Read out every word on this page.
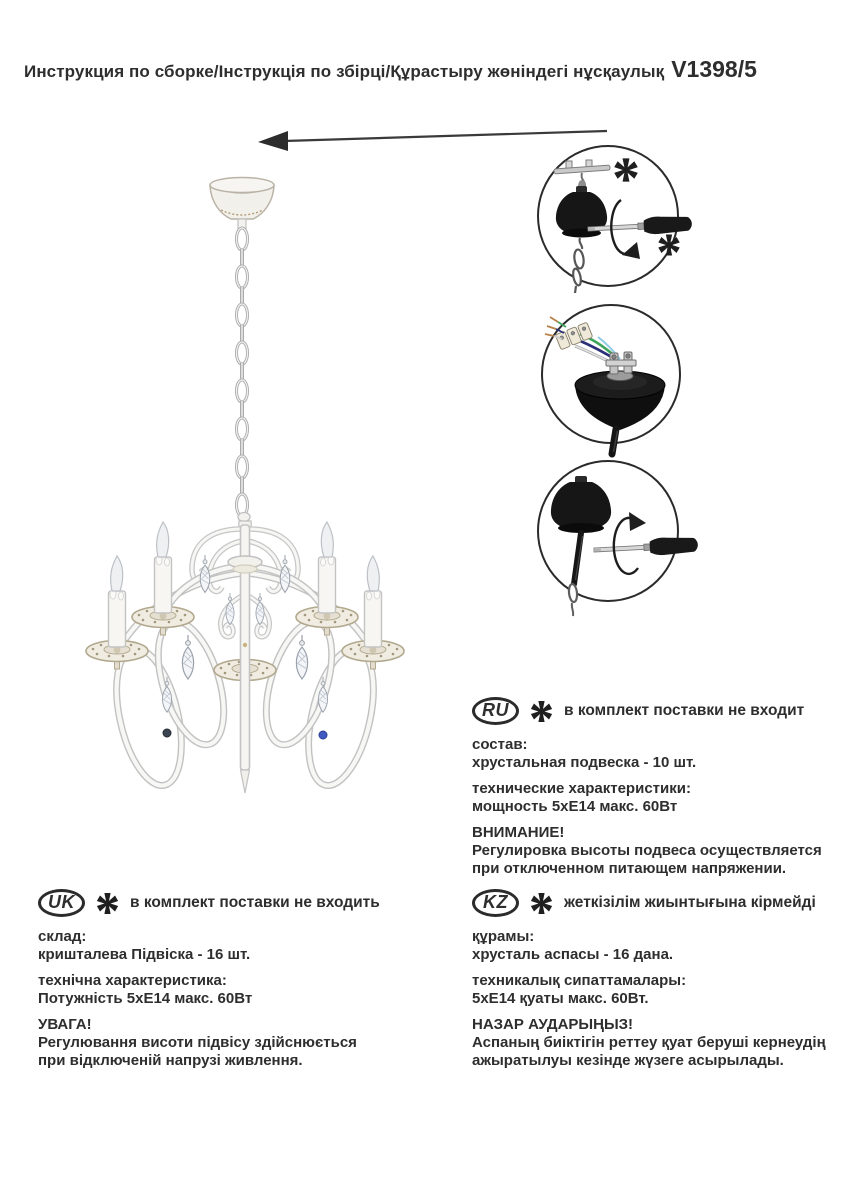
Инструкция по сборке/Інструкція по збірці/Құрастыру жөніндегі нұсқаулық V1398/5
RU	в комплект поставки не входит

состав:
хрустальная подвеска - 10 шт.

технические характеристики:
мощность 5хЕ14 макс. 60Вт

ВНИМАНИЕ!
Регулировка высоты подвеса осуществляется
при отключенном питающем напряжении.

UK	в комплект поставки не входить

склад:
кришталева Підвіска - 16 шт.

технічна характеристика:
Потужність 5хЕ14 макс. 60Вт

УВАГА!
Регулювання висоти підвісу здійснюється
при відключеній напрузі живлення.

KZ	жеткізілім жиынтығына кірмейді

құрамы:
хрусталь аспасы - 16 дана.

техникалық сипаттамалары:
5хЕ14 қуаты макс. 60Вт.

НАЗАР АУДАРЫҢЫЗ!
Аспаның биіктігін реттеу қуат беруші кернеудің
ажыратылуы кезінде жүзеге асырылады.
